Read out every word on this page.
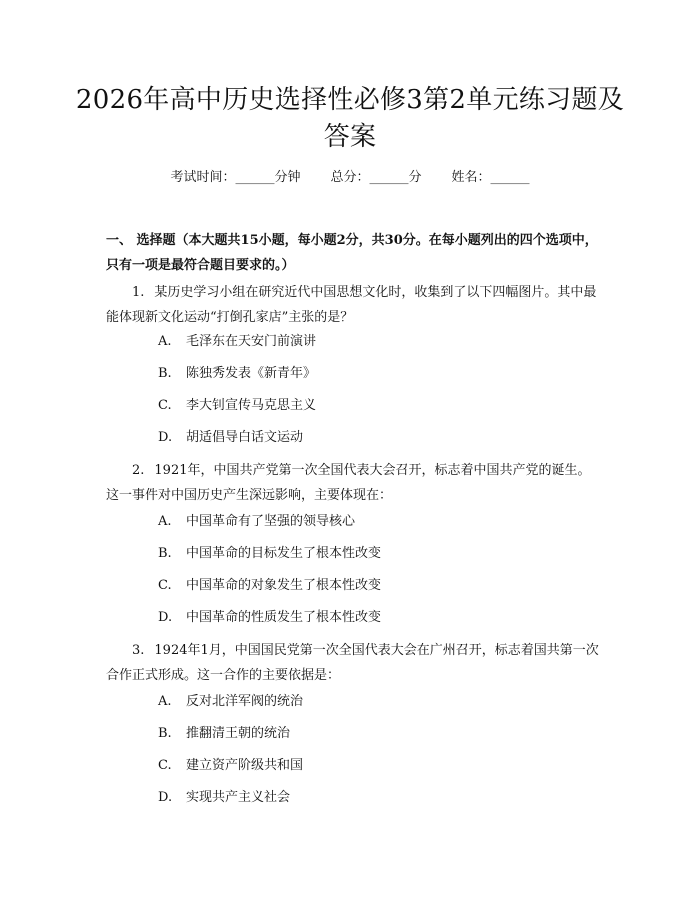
2026年高中历史选择性必修3第2单元练习题及答案
考试时间：______分钟 总分：______分 姓名：______

一、 选择题（本大题共15小题，每小题2分，共30分。在每小题列出的四个选项中，只有一项是最符合题目要求的。）

1. 某历史学习小组在研究近代中国思想文化时，收集到了以下四幅图片。其中最能体现新文化运动“打倒孔家店”主张的是？

A. 毛泽东在天安门前演讲

B. 陈独秀发表《新青年》

C. 李大钊宣传马克思主义

D. 胡适倡导白话文运动

2. 1921年，中国共产党第一次全国代表大会召开，标志着中国共产党的诞生。这一事件对中国历史产生深远影响，主要体现在：

A. 中国革命有了坚强的领导核心

B. 中国革命的目标发生了根本性改变

C. 中国革命的对象发生了根本性改变

D. 中国革命的性质发生了根本性改变

3. 1924年1月，中国国民党第一次全国代表大会在广州召开，标志着国共第一次合作正式形成。这一合作的主要依据是：

A. 反对北洋军阀的统治

B. 推翻清王朝的统治

C. 建立资产阶级共和国

D. 实现共产主义社会
